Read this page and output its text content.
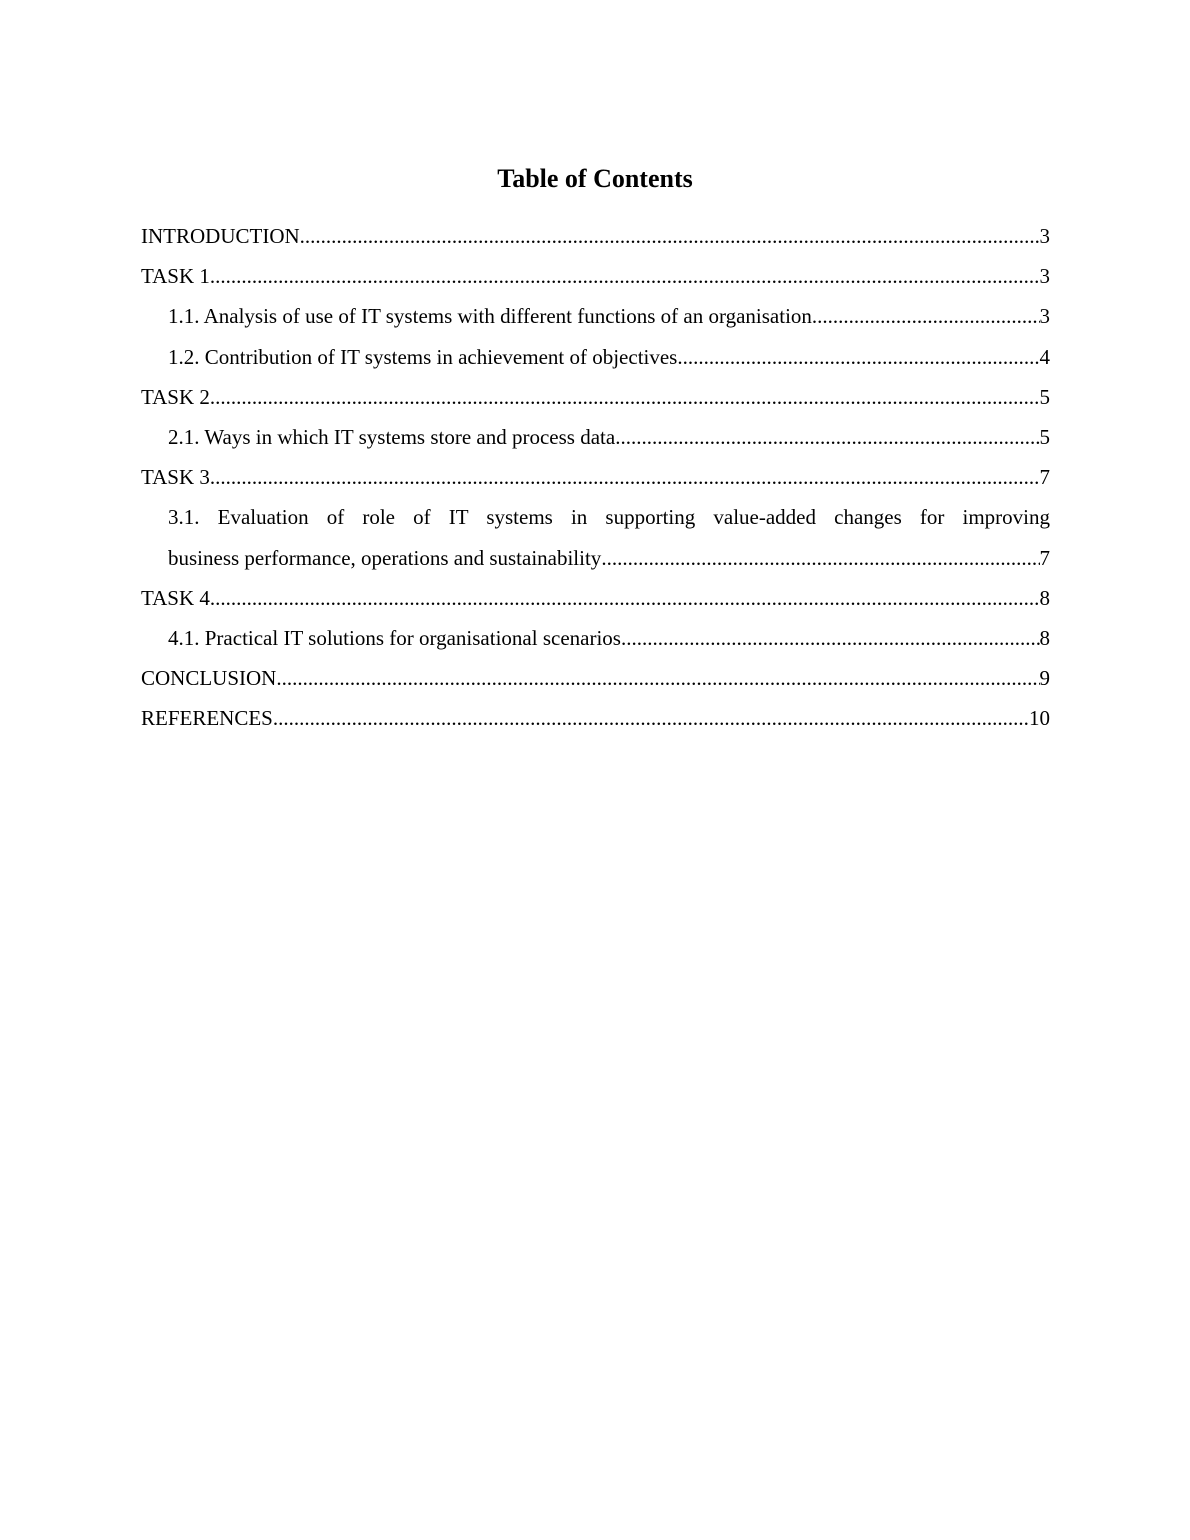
Table of Contents
INTRODUCTION .....	3
TASK 1 .....	3
1.1. Analysis of use of IT systems with different functions of an organisation .....	3
1.2. Contribution of IT systems in achievement of objectives .....	4
TASK 2 .....	5
2.1. Ways in which IT systems store and process data .....	5
TASK 3 .....	7
3.1. Evaluation of role of IT systems in supporting value-added changes for improving
business performance, operations and sustainability .....	7
TASK 4 .....	8
4.1. Practical IT solutions for organisational scenarios .....	8
CONCLUSION .....	9
REFERENCES .....	10
